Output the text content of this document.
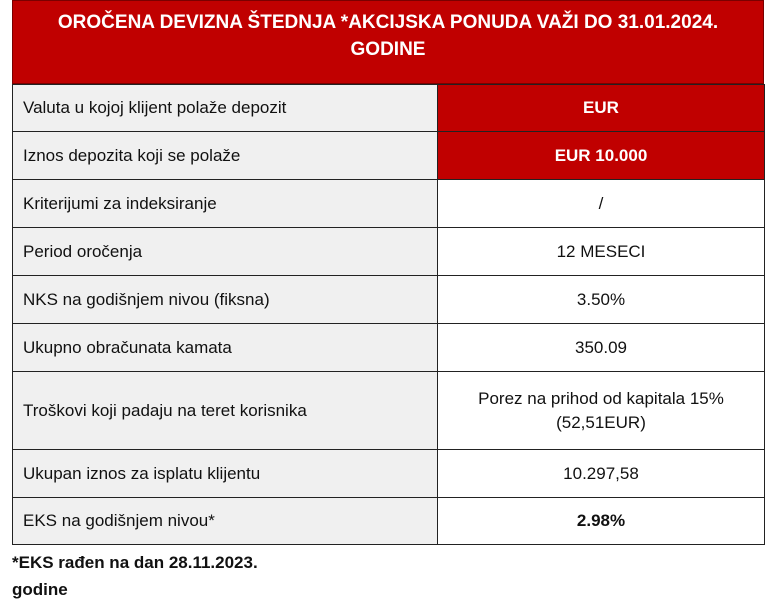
OROČENA DEVIZNA ŠTEDNJA *AKCIJSKA PONUDA VAŽI DO 31.01.2024. GODINE
Valuta u kojoj klijent polaže depozit	EUR
Iznos depozita koji se polaže	EUR 10.000
Kriterijumi za indeksiranje	/
Period oročenja	12 MESECI
NKS na godišnjem nivou (fiksna)	3.50%
Ukupno obračunata kamata	350.09
Troškovi koji padaju na teret korisnika	Porez na prihod od kapitala 15%
(52,51EUR)

Ukupan iznos za isplatu klijentu	10.297,58
EKS na godišnjem nivou*	2.98%
*EKS rađen na dan 28.11.2023.
godine
